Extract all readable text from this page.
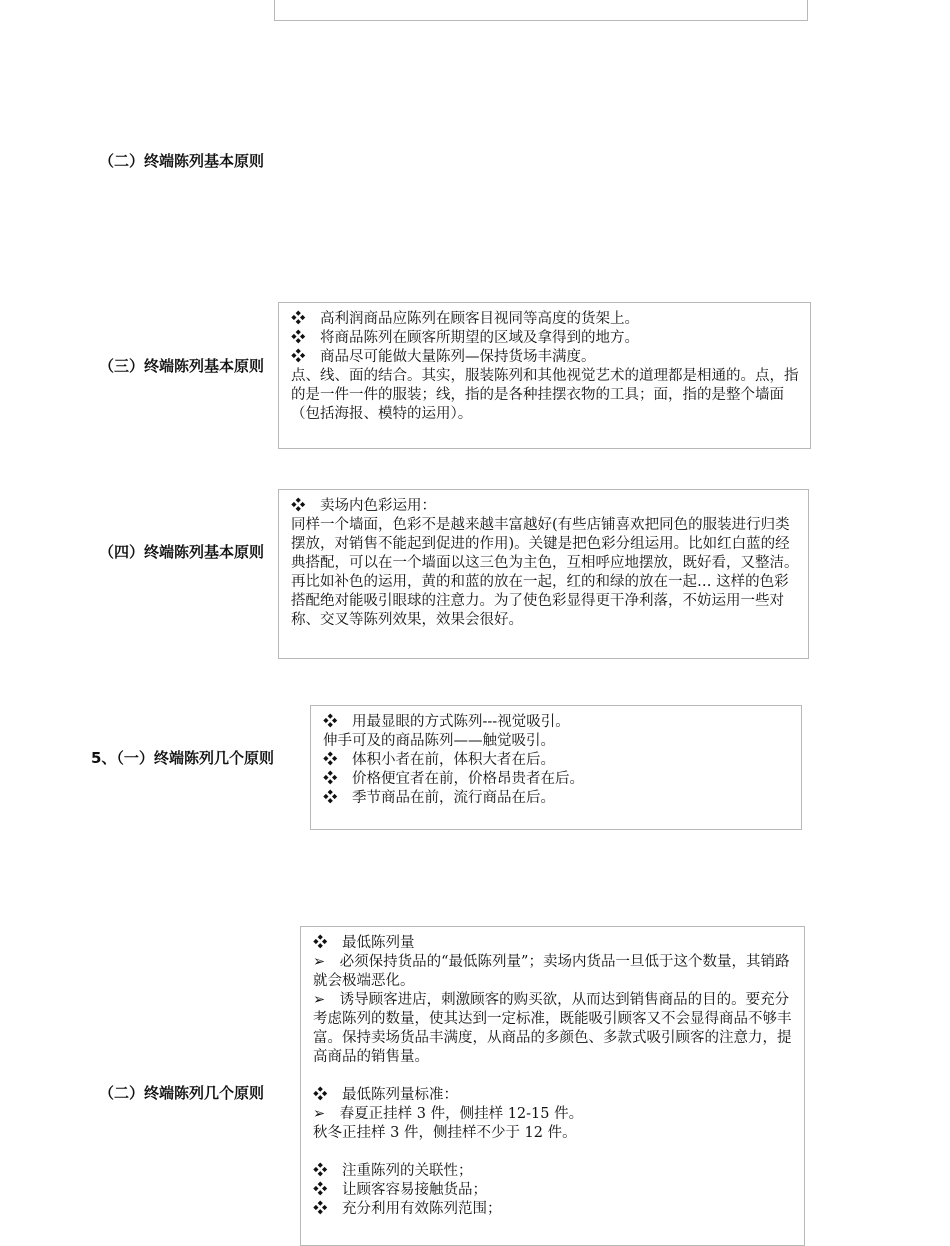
（二）终端陈列基本原则
（三）终端陈列基本原则
❖　高利润商品应陈列在顾客目视同等高度的货架上。
❖　将商品陈列在顾客所期望的区域及拿得到的地方。
❖　商品尽可能做大量陈列—保持货场丰满度。
点、线、面的结合。其实，服装陈列和其他视觉艺术的道理都是相通的。点，指的是一件一件的服装；线，指的是各种挂摆衣物的工具；面，指的是整个墙面（包括海报、模特的运用）。
（四）终端陈列基本原则
❖　卖场内色彩运用：
同样一个墙面，色彩不是越来越丰富越好(有些店铺喜欢把同色的服装进行归类摆放，对销售不能起到促进的作用)。关键是把色彩分组运用。比如红白蓝的经典搭配，可以在一个墙面以这三色为主色，互相呼应地摆放，既好看，又整洁。再比如补色的运用，黄的和蓝的放在一起，红的和绿的放在一起… 这样的色彩搭配绝对能吸引眼球的注意力。为了使色彩显得更干净利落，不妨运用一些对称、交叉等陈列效果，效果会很好。
5、（一）终端陈列几个原则
❖　用最显眼的方式陈列---视觉吸引。
伸手可及的商品陈列——触觉吸引。
❖　体积小者在前，体积大者在后。
❖　价格便宜者在前，价格昂贵者在后。
❖　季节商品在前，流行商品在后。
（二）终端陈列几个原则
❖　最低陈列量
➢　必须保持货品的“最低陈列量”；卖场内货品一旦低于这个数量，其销路就会极端恶化。
➢　诱导顾客进店，刺激顾客的购买欲，从而达到销售商品的目的。要充分考虑陈列的数量，使其达到一定标准，既能吸引顾客又不会显得商品不够丰富。保持卖场货品丰满度，从商品的多颜色、多款式吸引顾客的注意力，提高商品的销售量。
❖　最低陈列量标准：
➢　春夏正挂样 3 件，侧挂样 12-15 件。
秋冬正挂样 3 件，侧挂样不少于 12 件。
❖　注重陈列的关联性；
❖　让顾客容易接触货品；
❖　充分利用有效陈列范围；
